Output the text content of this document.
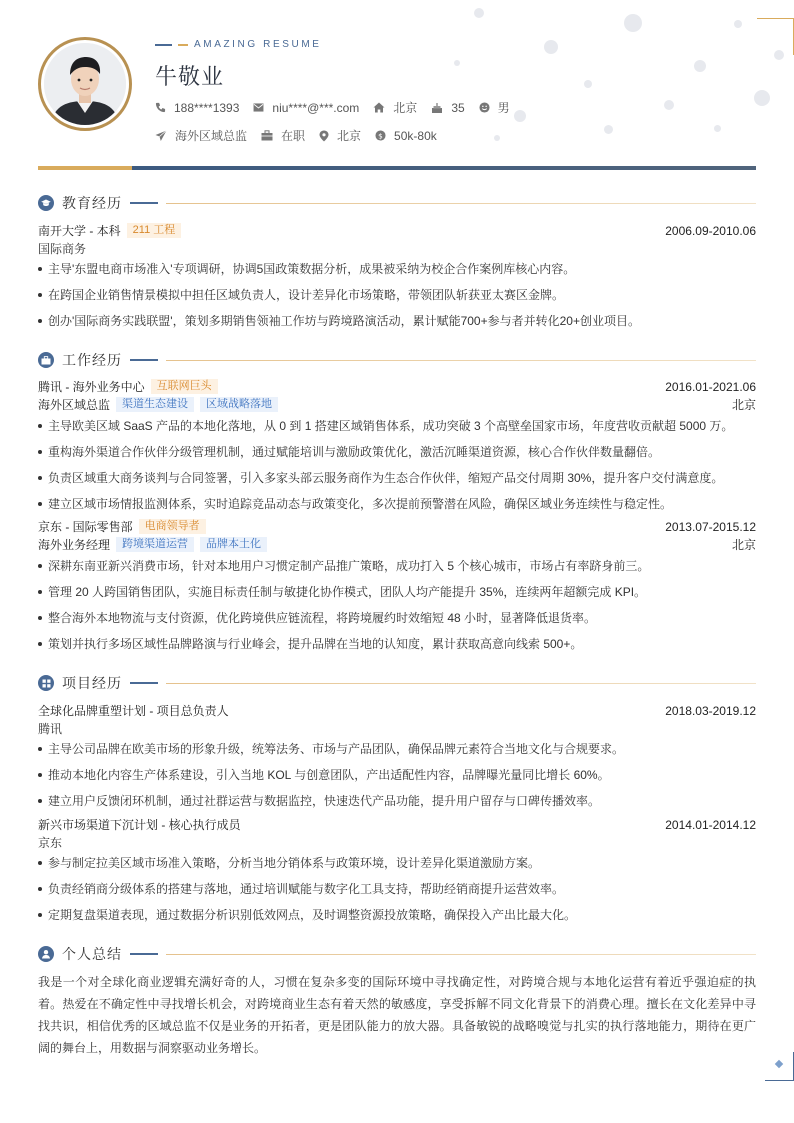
AMAZING RESUME
牛敬业
188****1393	niu****@***.com	北京	35	男
海外区域总监	在职	北京 $ 50k-80k
教育经历
南开大学 - 本科	211 工程	2006.09-2010.06
国际商务
主导'东盟电商市场准入'专项调研，协调5国政策数据分析，成果被采纳为校企合作案例库核心内容。
在跨国企业销售情景模拟中担任区域负责人，设计差异化市场策略，带领团队斩获亚太赛区金牌。
创办'国际商务实践联盟'，策划多期销售领袖工作坊与跨境路演活动，累计赋能700+参与者并转化20+创业项目。
工作经历
腾讯 - 海外业务中心	互联网巨头	2016.01-2021.06
海外区域总监	渠道生态建设	区域战略落地	北京
主导欧美区域 SaaS 产品的本地化落地，从 0 到 1 搭建区域销售体系，成功突破 3 个高壁垒国家市场，年度营收贡献超 5000 万。
重构海外渠道合作伙伴分级管理机制，通过赋能培训与激励政策优化，激活沉睡渠道资源，核心合作伙伴数量翻倍。
负责区域重大商务谈判与合同签署，引入多家头部云服务商作为生态合作伙伴，缩短产品交付周期 30%，提升客户交付满意度。
建立区域市场情报监测体系，实时追踪竞品动态与政策变化，多次提前预警潜在风险，确保区域业务连续性与稳定性。
京东 - 国际零售部	电商领导者	2013.07-2015.12
海外业务经理	跨境渠道运营	品牌本土化	北京
深耕东南亚新兴消费市场，针对本地用户习惯定制产品推广策略，成功打入 5 个核心城市，市场占有率跻身前三。
管理 20 人跨国销售团队，实施目标责任制与敏捷化协作模式，团队人均产能提升 35%，连续两年超额完成 KPI。
整合海外本地物流与支付资源，优化跨境供应链流程，将跨境履约时效缩短 48 小时，显著降低退货率。
策划并执行多场区域性品牌路演与行业峰会，提升品牌在当地的认知度，累计获取高意向线索 500+。
项目经历
全球化品牌重塑计划 - 项目总负责人	2018.03-2019.12
腾讯
主导公司品牌在欧美市场的形象升级，统筹法务、市场与产品团队，确保品牌元素符合当地文化与合规要求。
推动本地化内容生产体系建设，引入当地 KOL 与创意团队，产出适配性内容，品牌曝光量同比增长 60%。
建立用户反馈闭环机制，通过社群运营与数据监控，快速迭代产品功能，提升用户留存与口碑传播效率。
新兴市场渠道下沉计划 - 核心执行成员	2014.01-2014.12
京东
参与制定拉美区域市场准入策略，分析当地分销体系与政策环境，设计差异化渠道激励方案。
负责经销商分级体系的搭建与落地，通过培训赋能与数字化工具支持，帮助经销商提升运营效率。
定期复盘渠道表现，通过数据分析识别低效网点，及时调整资源投放策略，确保投入产出比最大化。
个人总结
我是一个对全球化商业逻辑充满好奇的人，习惯在复杂多变的国际环境中寻找确定性，对跨境合规与本地化运营有着近乎强迫症的执着。热爱在不确定性中寻找增长机会，对跨境商业生态有着天然的敏感度，享受拆解不同文化背景下的消费心理。擅长在文化差异中寻找共识，相信优秀的区域总监不仅是业务的开拓者，更是团队能力的放大器。具备敏锐的战略嗅觉与扎实的执行落地能力，期待在更广阔的舞台上，用数据与洞察驱动业务增长。
